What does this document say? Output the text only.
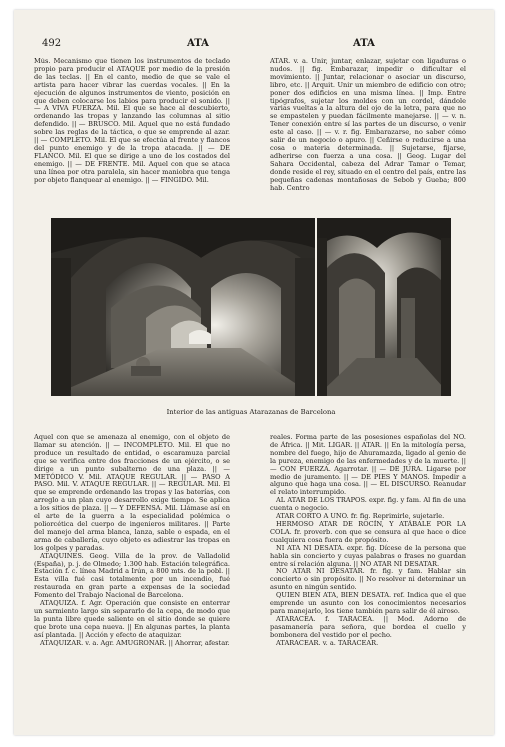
492	ATA	ATA

Mús. Mecanismo que tienen los instrumentos de teclado propio para producir el ATAQUE por medio de la presión de las teclas. || En el canto, medio de que se vale el artista para hacer vibrar las cuerdas vocales. || En la ejecución de algunos instrumentos de viento, posición en que deben colocarse los labios para producir el sonido. || — A VIVA FUERZA. Mil. El que se hace al descubierto, ordenando las tropas y lanzando las columnas al sitio defendido. || — BRUSCO. Mil. Aquel que no está fundado sobre las reglas de la táctica, o que se emprende al azar. || — COMPLETO. Mil. El que se efectúa al frente y flancos del punto enemigo y de la tropa atacada. || — DE FLANCO. Mil. El que se dirige a uno de los costados del enemigo. || — DE FRENTE. Mil. Aquel con que se ataca una línea por otra paralela, sin hacer maniobra que tenga por objeto flanquear al enemigo. || — FINGIDO. Mil.

ATAR. v. a. Unir, juntar, enlazar, sujetar con ligaduras o nudos. || fig. Embarazar, impedir o dificultar el movimiento. || Juntar, relacionar o asociar un discurso, libro, etc. || Arquit. Unir un miembro de edificio con otro; poner dos edificios en una misma línea. || Imp. Entre tipógrafos, sujetar los moldes con un cordel, dándole varias vueltas a la altura del ojo de la letra, para que no se empastelen y puedan fácilmente manejarse. || — v. n. Tener conexión entre sí las partes de un discurso, o venir este al caso. || — v. r. fig. Embarazarse, no saber cómo salir de un negocio o apuro. || Ceñirse o reducirse a una cosa o materia determinada. || Sujetarse, fijarse, adherirse con fuerza a una cosa. || Geog. Lugar del Sahara Occidental, cabeza del Adrar Tamar o Temar, donde reside el rey, situado en el centro del país, entre las pequeñas cadenas montañosas de Sebob y Gueba; 800 hab. Centro

Interior de las antiguas Atarazanas de Barcelona

Aquel con que se amenaza al enemigo, con el objeto de llamar su atención. || — INCOMPLETO. Mil. El que no produce un resultado de entidad, o escaramuza parcial que se verifica entre dos fracciones de un ejército, o se dirige a un punto subalterno de una plaza. || — METÓDICO V. Mil. ATAQUE REGULAR. || — PASO A PASO. Mil. V. ATAQUE REGULAR. || — REGULAR. Mil. El que se emprende ordenando las tropas y las baterías, con arreglo a un plan cuyo desarrollo exige tiempo. Se aplica a los sitios de plaza. || — Y DEFENSA. Mil. Llámase así en el arte de la guerra a la especialidad polémica o poliorcética del cuerpo de ingenieros militares. || Parte del manejo del arma blanca, lanza, sable o espada, en el arma de caballería, cuyo objeto es adiestrar las tropas en los golpes y paradas.

ATAQUINES. Geog. Villa de la prov. de Valladolid (España), p. j. de Olmedo; 1.300 hab. Estación telegráfica. Estación f. c. línea Madrid a Irún, a 800 mts. de la pobl. || Esta villa fué casi totalmente por un incendio, fué restaurada en gran parte a expensas de la sociedad Fomento del Trabajo Nacional de Barcelona.

ATAQUIZA. f. Agr. Operación que consiste en enterrar un sarmiento largo sin separarlo de la cepa, de modo que la punta libre quede saliente en el sitio donde se quiere que brote una cepa nueva. || En algunas partes, la planta así plantada. || Acción y efecto de ataquizar.

ATAQUIZAR. v. a. Agr. AMUGRONAR. || Ahorrar, afestar.

reales. Forma parte de las posesiones españolas del NO. de África. || Mit. LIGAR. || ATAR. || En la mitología persa, nombre del fuego, hijo de Ahuramazda, ligado al genio de la pureza, enemigo de las enfermedades y de la muerte. || — CON FUERZA. Agarrotar. || — DE JURA. Ligarse por medio de juramento. || — DE PIES Y MANOS. Impedir a alguno que haga una cosa. || — EL DISCURSO. Reanudar el relato interrumpido.

AL ATAR DE LOS TRAPOS. expr. fig. y fam. Al fin de una cuenta o negocio.

ATAR CORTO A UNO. fr. fig. Reprimirle, sujetarle.

HERMOSO ATAR DE ROCÍN, Y ATÁBALE POR LA COLA. fr. proverb. con que se censura al que hace o dice cualquiera cosa fuera de propósito.

NI ATA NI DESATA. expr. fig. Dícese de la persona que habla sin concierto y cuyas palabras o frases no guardan entre sí relación alguna. || NO ATAR NI DESATAR.

NO ATAR NI DESATAR. fr. fig. y fam. Hablar sin concierto o sin propósito. || No resolver ni determinar un asunto en ningún sentido.

QUIEN BIEN ATA, BIEN DESATA. ref. Indica que el que emprende un asunto con los conocimientos necesarios para manejarlo, los tiene también para salir de él airoso.

ATARACEA. f. TARACEA. || Mod. Adorno de pasamanería para señora, que bordea el cuello y bombonera del vestido por el pecho.

ATARACEAR. v. a. TARACEAR.
